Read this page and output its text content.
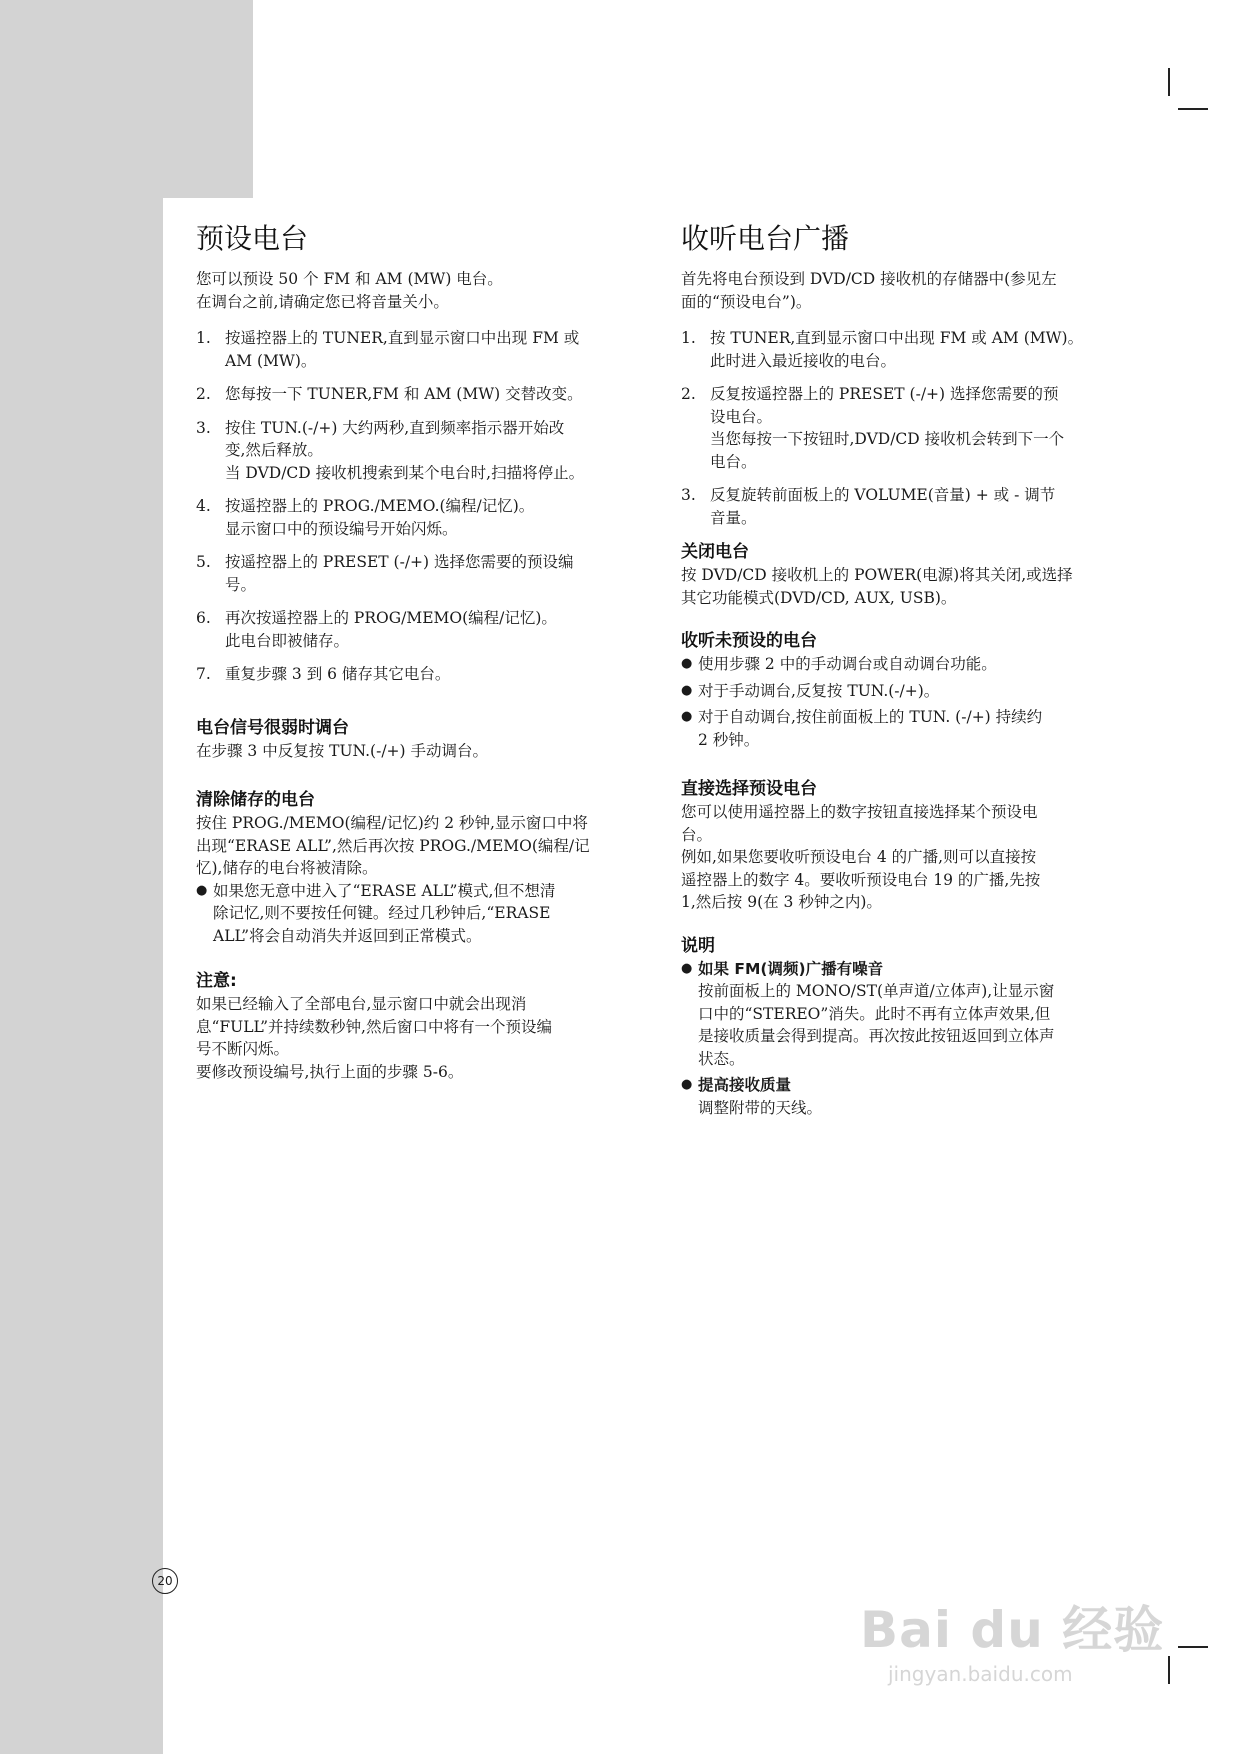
预设电台

您可以预设 50 个 FM 和 AM (MW) 电台。

在调台之前,请确定您已将音量关小。

1. 按遥控器上的 TUNER,直到显示窗口中出现 FM 或
AM (MW)。
2. 您每按一下 TUNER,FM 和 AM (MW) 交替改变。
3. 按住 TUN.(-/+) 大约两秒,直到频率指示器开始改
变,然后释放。
当 DVD/CD 接收机搜索到某个电台时,扫描将停止。
4. 按遥控器上的 PROG./MEMO.(编程/记忆)。
显示窗口中的预设编号开始闪烁。
5. 按遥控器上的 PRESET (-/+) 选择您需要的预设编
号。
6. 再次按遥控器上的 PROG/MEMO(编程/记忆)。
此电台即被储存。
7. 重复步骤 3 到 6 储存其它电台。
电台信号很弱时调台

在步骤 3 中反复按 TUN.(-/+) 手动调台。

清除储存的电台

按住 PROG./MEMO(编程/记忆)约 2 秒钟,显示窗口中将

出现“ERASE ALL”,然后再次按 PROG./MEMO(编程/记

忆),储存的电台将被清除。

● 如果您无意中进入了“ERASE ALL”模式,但不想清
除记忆,则不要按任何键。经过几秒钟后,“ERASE
ALL”将会自动消失并返回到正常模式。
注意:

如果已经输入了全部电台,显示窗口中就会出现消

息“FULL”并持续数秒钟,然后窗口中将有一个预设编

号不断闪烁。

要修改预设编号,执行上面的步骤 5-6。

收听电台广播

首先将电台预设到 DVD/CD 接收机的存储器中(参见左

面的“预设电台”)。

1. 按 TUNER,直到显示窗口中出现 FM 或 AM (MW)。
此时进入最近接收的电台。
2. 反复按遥控器上的 PRESET (-/+) 选择您需要的预
设电台。
当您每按一下按钮时,DVD/CD 接收机会转到下一个
电台。
3. 反复旋转前面板上的 VOLUME(音量) + 或 - 调节
音量。
关闭电台

按 DVD/CD 接收机上的 POWER(电源)将其关闭,或选择

其它功能模式(DVD/CD, AUX, USB)。

收听未预设的电台
● 使用步骤 2 中的手动调台或自动调台功能。
● 对于手动调台,反复按 TUN.(-/+)。
● 对于自动调台,按住前面板上的 TUN. (-/+) 持续约
2 秒钟。
直接选择预设电台

您可以使用遥控器上的数字按钮直接选择某个预设电

台。

例如,如果您要收听预设电台 4 的广播,则可以直接按

遥控器上的数字 4。要收听预设电台 19 的广播,先按

1,然后按 9(在 3 秒钟之内)。

说明
● 如果 FM(调频)广播有噪音
按前面板上的 MONO/ST(单声道/立体声),让显示窗
口中的“STEREO”消失。此时不再有立体声效果,但
是接收质量会得到提高。再次按此按钮返回到立体声
状态。
● 提高接收质量
调整附带的天线。
20
Bai du 经验
jingyan.baidu.com
